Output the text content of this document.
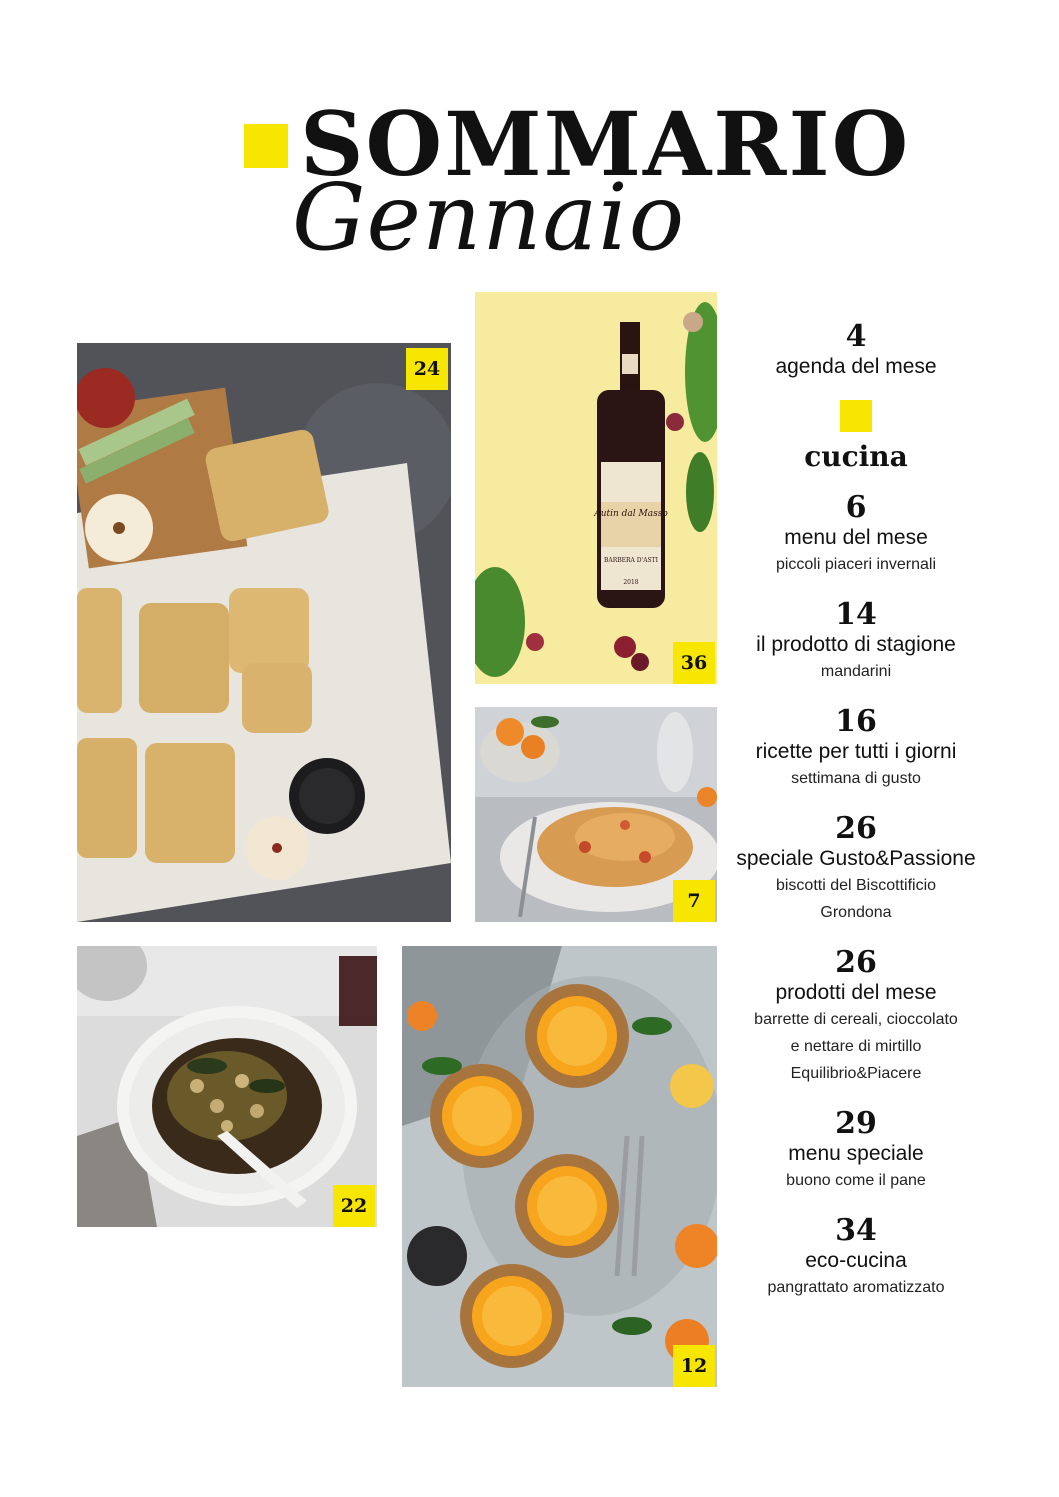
SOMMARIO
Gennaio
24
Autin dal Masso
BARBERA D'ASTI
2018
36
7
22
12
4
agenda del mese
cucina
6
menu del mese
piccoli piaceri invernali
14
il prodotto di stagione
mandarini
16
ricette per tutti i giorni
settimana di gusto
26
speciale Gusto&Passione
biscotti del Biscottificio
Grondona
26
prodotti del mese
barrette di cereali, cioccolato
e nettare di mirtillo
Equilibrio&Piacere
29
menu speciale
buono come il pane
34
eco-cucina
pangrattato aromatizzato
